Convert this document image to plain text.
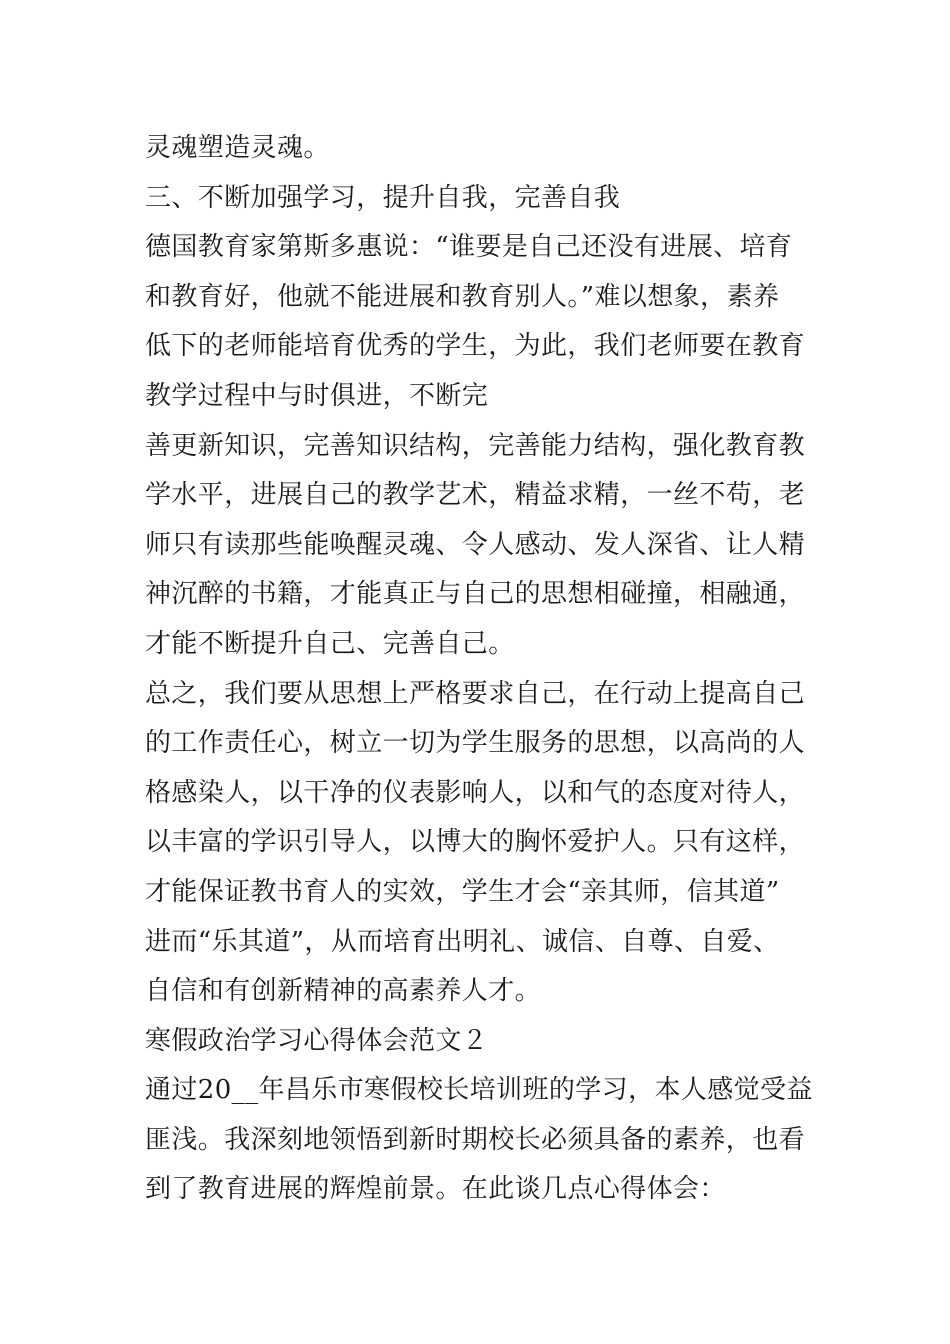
灵魂塑造灵魂。
三、不断加强学习，提升自我，完善自我
德国教育家第斯多惠说：“谁要是自己还没有进展、培育
和教育好，他就不能进展和教育别人。”难以想象，素养
低下的老师能培育优秀的学生，为此，我们老师要在教育
教学过程中与时俱进，不断完
善更新知识，完善知识结构，完善能力结构，强化教育教
学水平，进展自己的教学艺术，精益求精，一丝不苟，老
师只有读那些能唤醒灵魂、令人感动、发人深省、让人精
神沉醉的书籍，才能真正与自己的思想相碰撞，相融通，
才能不断提升自己、完善自己。
总之，我们要从思想上严格要求自己，在行动上提高自己
的工作责任心，树立一切为学生服务的思想，以高尚的人
格感染人，以干净的仪表影响人，以和气的态度对待人，
以丰富的学识引导人，以博大的胸怀爱护人。只有这样，
才能保证教书育人的实效，学生才会“亲其师，信其道”
进而“乐其道”，从而培育出明礼、诚信、自尊、自爱、
自信和有创新精神的高素养人才。
寒假政治学习心得体会范文２
通过20__年昌乐市寒假校长培训班的学习，本人感觉受益
匪浅。我深刻地领悟到新时期校长必须具备的素养，也看
到了教育进展的辉煌前景。在此谈几点心得体会：
